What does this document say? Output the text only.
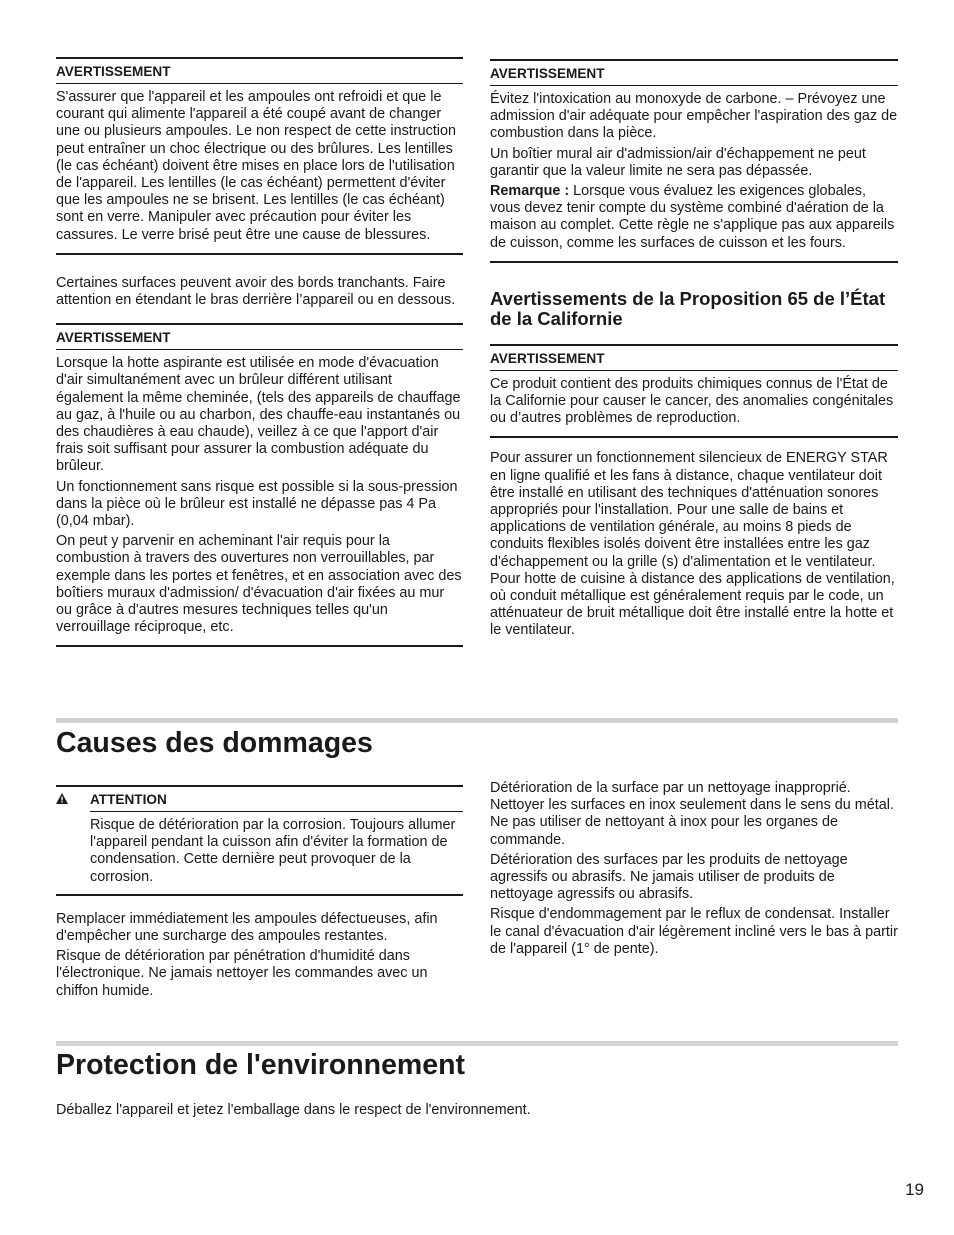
AVERTISSEMENT

S'assurer que l'appareil et les ampoules ont refroidi et que le courant qui alimente l'appareil a été coupé avant de changer une ou plusieurs ampoules. Le non respect de cette instruction peut entraîner un choc électrique ou des brûlures. Les lentilles (le cas échéant) doivent être mises en place lors de l'utilisation de l'appareil. Les lentilles (le cas échéant) permettent d'éviter que les ampoules ne se brisent. Les lentilles (le cas échéant) sont en verre. Manipuler avec précaution pour éviter les cassures. Le verre brisé peut être une cause de blessures.

Certaines surfaces peuvent avoir des bords tranchants. Faire attention en étendant le bras derrière l’appareil ou en dessous.

AVERTISSEMENT

Lorsque la hotte aspirante est utilisée en mode d'évacuation d'air simultanément avec un brûleur différent utilisant également la même cheminée, (tels des appareils de chauffage au gaz, à l'huile ou au charbon, des chauffe-eau instantanés ou des chaudières à eau chaude), veillez à ce que l'apport d'air frais soit suffisant pour assurer la combustion adéquate du brûleur.

Un fonctionnement sans risque est possible si la sous-pression dans la pièce où le brûleur est installé ne dépasse pas 4 Pa (0,04 mbar).

On peut y parvenir en acheminant l'air requis pour la combustion à travers des ouvertures non verrouillables, par exemple dans les portes et fenêtres, et en association avec des boîtiers muraux d'admission/ d'évacuation d'air fixées au mur ou grâce à d'autres mesures techniques telles qu'un verrouillage réciproque, etc.

AVERTISSEMENT

Évitez l'intoxication au monoxyde de carbone. – Prévoyez une admission d'air adéquate pour empêcher l'aspiration des gaz de combustion dans la pièce.

Un boîtier mural air d'admission/air d'échappement ne peut garantir que la valeur limite ne sera pas dépassée.

Remarque : Lorsque vous évaluez les exigences globales, vous devez tenir compte du système combiné d'aération de la maison au complet. Cette règle ne s'applique pas aux appareils de cuisson, comme les surfaces de cuisson et les fours.

Avertissements de la Proposition 65 de l’État de la Californie
AVERTISSEMENT

Ce produit contient des produits chimiques connus de l'État de la Californie pour causer le cancer, des anomalies congénitales ou d’autres problèmes de reproduction.

Pour assurer un fonctionnement silencieux de ENERGY STAR en ligne qualifié et les fans à distance, chaque ventilateur doit être installé en utilisant des techniques d'atténuation sonores appropriés pour l'installation. Pour une salle de bains et applications de ventilation générale, au moins 8 pieds de conduits flexibles isolés doivent être installées entre les gaz d'échappement ou la grille (s) d'alimentation et le ventilateur. Pour hotte de cuisine à distance des applications de ventilation, où conduit métallique est généralement requis par le code, un atténuateur de bruit métallique doit être installé entre la hotte et le ventilateur.

Causes des dommages
ATTENTION

Risque de détérioration par la corrosion. Toujours allumer l'appareil pendant la cuisson afin d'éviter la formation de condensation. Cette dernière peut provoquer de la corrosion.

Remplacer immédiatement les ampoules défectueuses, afin d'empêcher une surcharge des ampoules restantes.

Risque de détérioration par pénétration d'humidité dans l'électronique. Ne jamais nettoyer les commandes avec un chiffon humide.

Détérioration de la surface par un nettoyage inapproprié. Nettoyer les surfaces en inox seulement dans le sens du métal. Ne pas utiliser de nettoyant à inox pour les organes de commande.

Détérioration des surfaces par les produits de nettoyage agressifs ou abrasifs. Ne jamais utiliser de produits de nettoyage agressifs ou abrasifs.

Risque d'endommagement par le reflux de condensat. Installer le canal d'évacuation d'air légèrement incliné vers le bas à partir de l'appareil (1° de pente).

Protection de l'environnement

Déballez l'appareil et jetez l'emballage dans le respect de l'environnement.

19
